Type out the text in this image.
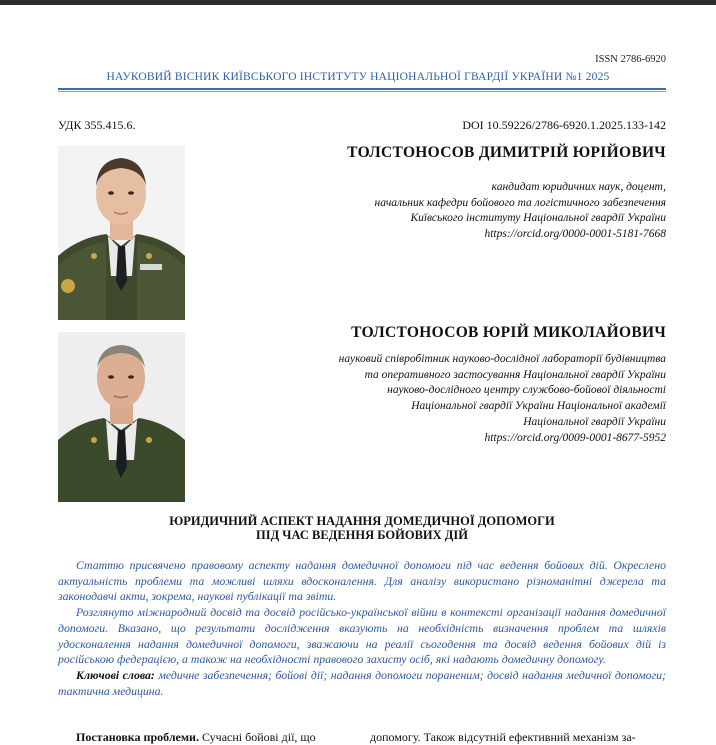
ISSN 2786-6920
НАУКОВИЙ ВІСНИК КИЇВСЬКОГО ІНСТИТУТУ НАЦІОНАЛЬНОЇ ГВАРДІЇ УКРАЇНИ №1 2025
УДК 355.415.6.	DOI 10.59226/2786-6920.1.2025.133-142
ТОЛСТОНОСОВ ДИМИТРІЙ ЮРІЙОВИЧ
кандидат юридичних наук, доцент,
начальник кафедри бойового та логістичного забезпечення
Київського інституту Національної гвардії України
https://orcid.org/0000-0001-5181-7668
ТОЛСТОНОСОВ ЮРІЙ МИКОЛАЙОВИЧ
науковий співробітник науково-дослідної лабораторії будівництва
та оперативного застосування Національної гвардії України
науково-дослідного центру службово-бойової діяльності
Національної гвардії України Національної академії
Національної гвардії України
https://orcid.org/0009-0001-8677-5952
ЮРИДИЧНИЙ АСПЕКТ НАДАННЯ ДОМЕДИЧНОЇ ДОПОМОГИ
ПІД ЧАС ВЕДЕННЯ БОЙОВИХ ДІЙ

Статтю присвячено правовому аспекту надання домедичної допомоги під час ведення бойових дій. Окреслено актуальність проблеми та можливі шляхи вдосконалення. Для аналізу використано різноманітні джерела та законодавчі акти, зокрема, наукові публікації та звіти.

Розглянуто міжнародний досвід та досвід російсько-української війни в контексті організації надання домедичної допомоги. Вказано, що результати дослідження вказують на необхідність визначення проблем та шляхів удосконалення надання домедичної допомоги, зважаючи на реалії сьогодення та досвід ведення бойових дій із російською федерацією, а також на необхідності правового захисту осіб, які надають домедичну допомогу.

Ключові слова: медичне забезпечення; бойові дії; надання допомоги пораненим; досвід надання медичної допомоги; тактична медицина.

Постановка проблеми. Сучасні бойові дії, що	допомогу. Також відсутній ефективний механізм за-
